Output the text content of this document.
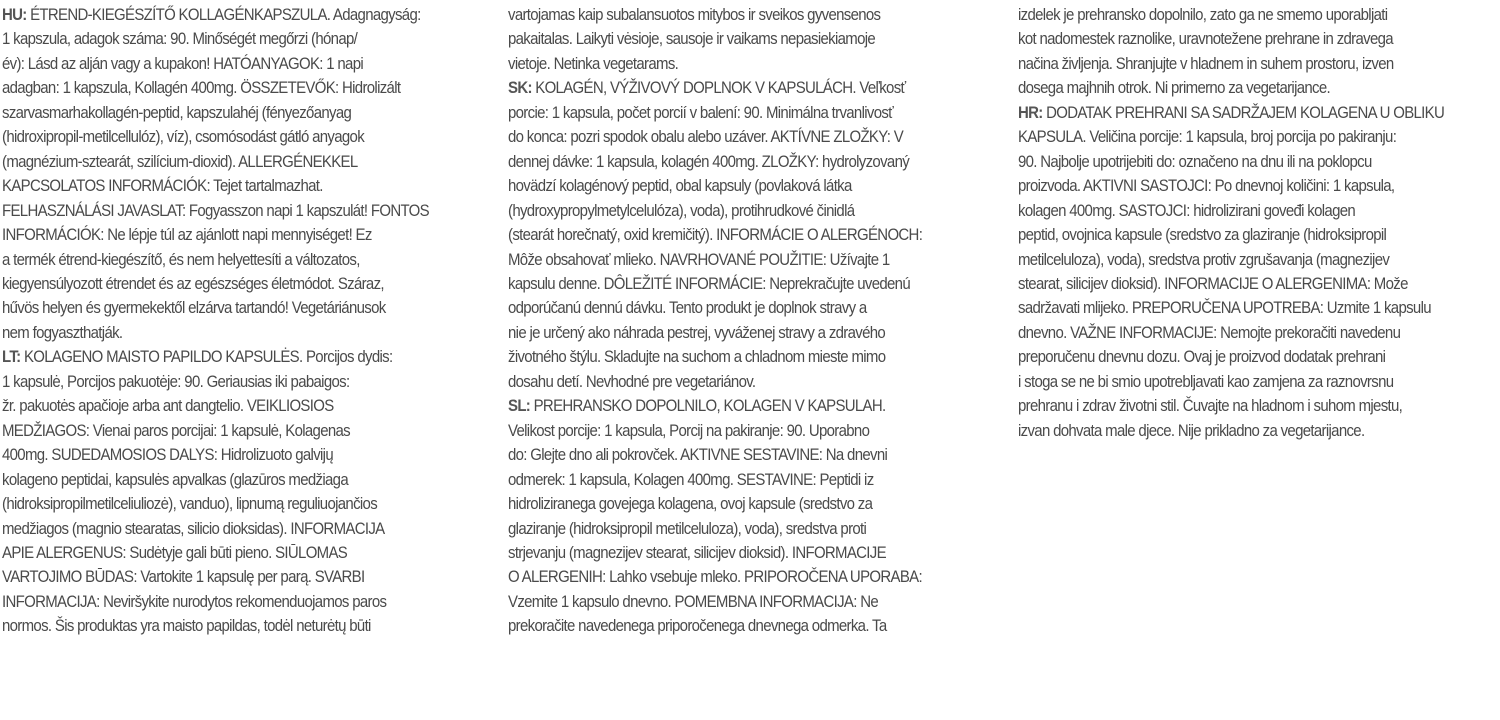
HU: ÉTREND-KIEGÉSZÍTŐ KOLLAGÉNKAPSZULA. Adagnagyság:
1 kapszula, adagok száma: 90. Minőségét megőrzi (hónap/
év): Lásd az alján vagy a kupakon! HATÓANYAGOK: 1 napi
adagban: 1 kapszula, Kollagén 400mg. ÖSSZETEVŐK: Hidrolizált
szarvasmarhakollagén-peptid, kapszulahéj (fényezőanyag
(hidroxipropil-metilcellulóz), víz), csomósodást gátló anyagok
(magnézium-sztearát, szilícium-dioxid). ALLERGÉNEKKEL
KAPCSOLATOS INFORMÁCIÓK: Tejet tartalmazhat.
FELHASZNÁLÁSI JAVASLAT: Fogyasszon napi 1 kapszulát! FONTOS
INFORMÁCIÓK: Ne lépje túl az ajánlott napi mennyiséget! Ez
a termék étrend-kiegészítő, és nem helyettesíti a változatos,
kiegyensúlyozott étrendet és az egészséges életmódot. Száraz,
hűvös helyen és gyermekektől elzárva tartandó! Vegetáriánusok
nem fogyaszthatják.
LT: KOLAGENO MAISTO PAPILDO KAPSULĖS. Porcijos dydis:
1 kapsulė, Porcijos pakuotėje: 90. Geriausias iki pabaigos:
žr. pakuotės apačioje arba ant dangtelio. VEIKLIOSIOS
MEDŽIAGOS: Vienai paros porcijai: 1 kapsulė, Kolagenas
400mg. SUDEDAMOSIOS DALYS: Hidrolizuoto galvijų
kolageno peptidai, kapsulės apvalkas (glazūros medžiaga
(hidroksipropilmetilceliuliozė), vanduo), lipnumą reguliuojančios
medžiagos (magnio stearatas, silicio dioksidas). INFORMACIJA
APIE ALERGENUS: Sudėtyje gali būti pieno. SIŪLOMAS
VARTOJIMO BŪDAS: Vartokite 1 kapsulę per parą. SVARBI
INFORMACIJA: Neviršykite nurodytos rekomenduojamos paros
normos. Šis produktas yra maisto papildas, todėl neturėtų būti
vartojamas kaip subalansuotos mitybos ir sveikos gyvensenos
pakaitalas. Laikyti vėsioje, sausoje ir vaikams nepasiekiamoje
vietoje. Netinka vegetarams.
SK: KOLAGÉN, VÝŽIVOVÝ DOPLNOK V KAPSULÁCH. Veľkosť
porcie: 1 kapsula, počet porcií v balení: 90. Minimálna trvanlivosť
do konca: pozri spodok obalu alebo uzáver. AKTÍVNE ZLOŽKY: V
dennej dávke: 1 kapsula, kolagén 400mg. ZLOŽKY: hydrolyzovaný
hovädzí kolagénový peptid, obal kapsuly (povlaková látka
(hydroxypropylmetylcelulóza), voda), protihrudkové činidlá
(stearát horečnatý, oxid kremičitý). INFORMÁCIE O ALERGÉNOCH:
Môže obsahovať mlieko. NAVRHOVANÉ POUŽITIE: Užívajte 1
kapsulu denne. DÔLEŽITÉ INFORMÁCIE: Neprekračujte uvedenú
odporúčanú dennú dávku. Tento produkt je doplnok stravy a
nie je určený ako náhrada pestrej, vyváženej stravy a zdravého
životného štýlu. Skladujte na suchom a chladnom mieste mimo
dosahu detí. Nevhodné pre vegetariánov.
SL: PREHRANSKO DOPOLNILO, KOLAGEN V KAPSULAH.
Velikost porcije: 1 kapsula, Porcij na pakiranje: 90. Uporabno
do: Glejte dno ali pokrovček. AKTIVNE SESTAVINE: Na dnevni
odmerek: 1 kapsula, Kolagen 400mg. SESTAVINE: Peptidi iz
hidroliziranega govejega kolagena, ovoj kapsule (sredstvo za
glaziranje (hidroksipropil metilceluloza), voda), sredstva proti
strjevanju (magnezijev stearat, silicijev dioksid). INFORMACIJE
O ALERGENIH: Lahko vsebuje mleko. PRIPOROČENA UPORABA:
Vzemite 1 kapsulo dnevno. POMEMBNA INFORMACIJA: Ne
prekoračite navedenega priporočenega dnevnega odmerka. Ta
izdelek je prehransko dopolnilo, zato ga ne smemo uporabljati
kot nadomestek raznolike, uravnotežene prehrane in zdravega
načina življenja. Shranjujte v hladnem in suhem prostoru, izven
dosega majhnih otrok. Ni primerno za vegetarijance.
HR: DODATAK PREHRANI SA SADRŽAJEM KOLAGENA U OBLIKU
KAPSULA. Veličina porcije: 1 kapsula, broj porcija po pakiranju:
90. Najbolje upotrijebiti do: označeno na dnu ili na poklopcu
proizvoda. AKTIVNI SASTOJCI: Po dnevnoj količini: 1 kapsula,
kolagen 400mg. SASTOJCI: hidrolizirani goveđi kolagen
peptid, ovojnica kapsule (sredstvo za glaziranje (hidroksipropil
metilceluloza), voda), sredstva protiv zgrušavanja (magnezijev
stearat, silicijev dioksid). INFORMACIJE O ALERGENIMA: Može
sadržavati mlijeko. PREPORUČENA UPOTREBA: Uzmite 1 kapsulu
dnevno. VAŽNE INFORMACIJE: Nemojte prekoračiti navedenu
preporučenu dnevnu dozu. Ovaj je proizvod dodatak prehrani
i stoga se ne bi smio upotrebljavati kao zamjena za raznovrsnu
prehranu i zdrav životni stil. Čuvajte na hladnom i suhom mjestu,
izvan dohvata male djece. Nije prikladno za vegetarijance.
